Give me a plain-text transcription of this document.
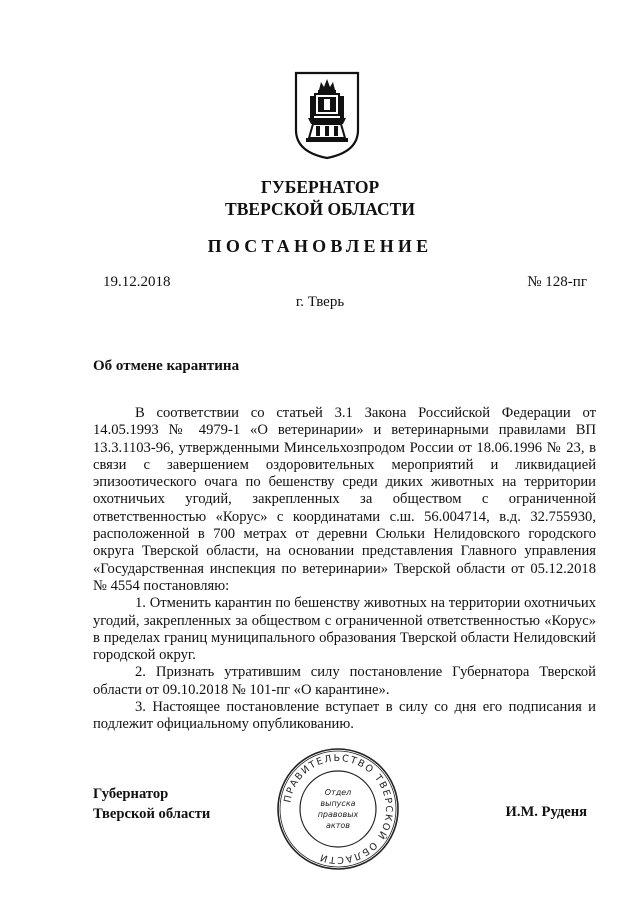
ГУБЕРНАТОР
ТВЕРСКОЙ ОБЛАСТИ
ПОСТАНОВЛЕНИЕ
19.12.2018	№ 128-пг
г. Тверь
Об отмене карантина

В соответствии со статьей 3.1 Закона Российской Федерации от 14.05.1993 № 4979-1 «О ветеринарии» и ветеринарными правилами ВП 13.3.1103-96, утвержденными Минсельхозпродом России от 18.06.1996 № 23, в связи с завершением оздоровительных мероприятий и ликвидацией эпизоотического очага по бешенству среди диких животных на территории охотничьих угодий, закрепленных за обществом с ограниченной ответственностью «Корус» с координатами с.ш. 56.004714, в.д. 32.755930, расположенной в 700 метрах от деревни Сюльки Нелидовского городского округа Тверской области, на основании представления Главного управления «Государственная инспекция по ветеринарии» Тверской области от 05.12.2018 № 4554 постановляю:

1. Отменить карантин по бешенству животных на территории охотничьих угодий, закрепленных за обществом с ограниченной ответственностью «Корус» в пределах границ муниципального образования Тверской области Нелидовский городской округ.

2. Признать утратившим силу постановление Губернатора Тверской области от 09.10.2018 № 101-пг «О карантине».

3. Настоящее постановление вступает в силу со дня его подписания и подлежит официальному опубликованию.

Губернатор
Тверской области	И.М. Руденя
ПРАВИТЕЛЬСТВО ТВЕРСКОЙ ОБЛАСТИ
Отдел
выпуска
правовых
актов
